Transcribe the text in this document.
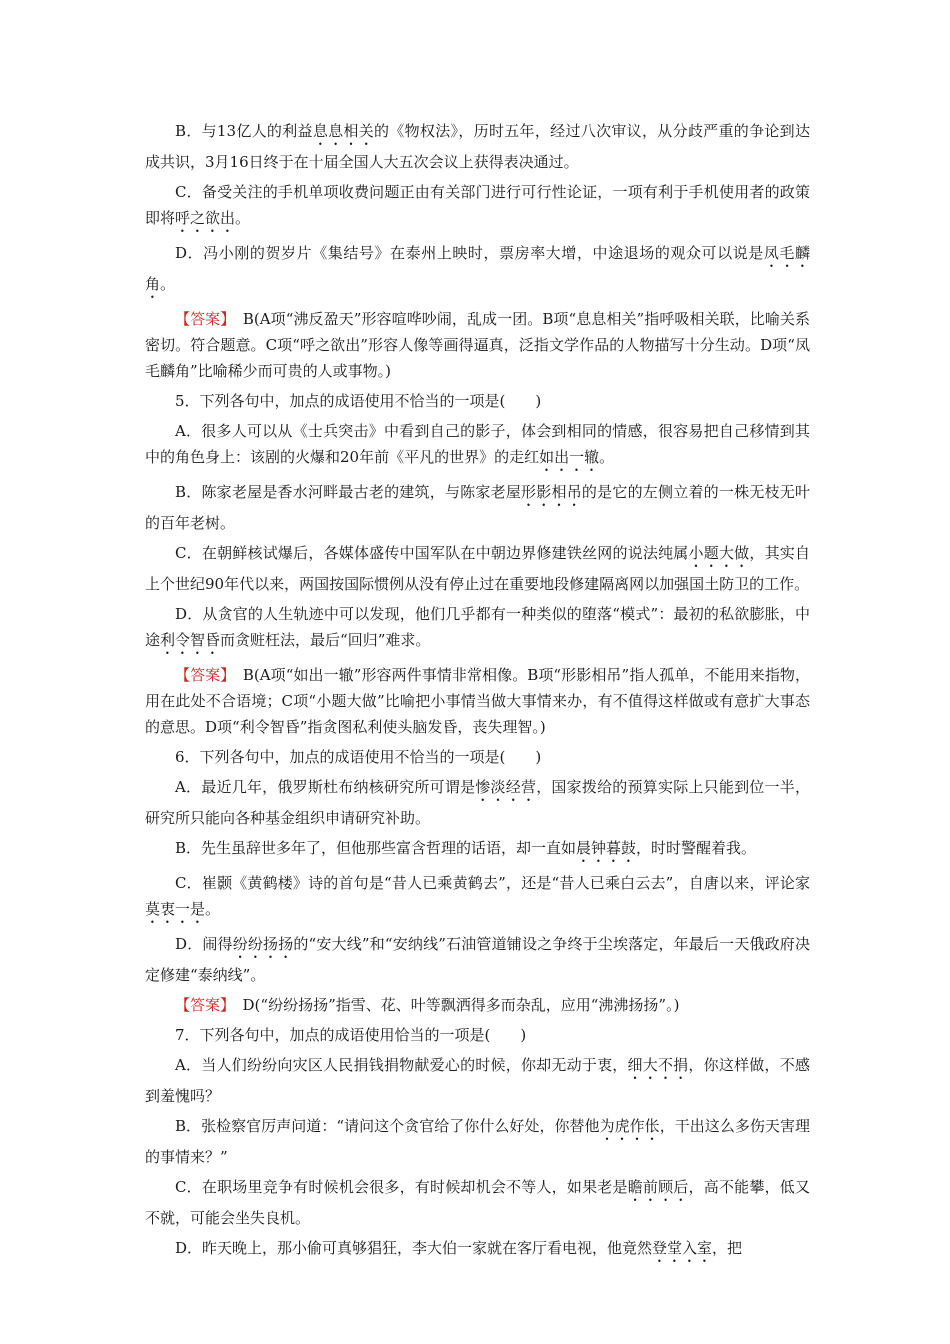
B．与13亿人的利益息息相关的《物权法》，历时五年，经过八次审议，从分歧严重的争论到达成共识，3月16日终于在十届全国人大五次会议上获得表决通过。

C．备受关注的手机单项收费问题正由有关部门进行可行性论证，一项有利于手机使用者的政策即将呼之欲出。

D．冯小刚的贺岁片《集结号》在泰州上映时，票房率大增，中途退场的观众可以说是凤毛麟角。

【答案】　 B(A项“沸反盈天”形容喧哗吵闹，乱成一团。B项“息息相关”指呼吸相关联，比喻关系密切。符合题意。C项“呼之欲出”形容人像等画得逼真，泛指文学作品的人物描写十分生动。D项“凤毛麟角”比喻稀少而可贵的人或事物。)

5．下列各句中，加点的成语使用不恰当的一项是(　　)

A．很多人可以从《士兵突击》中看到自己的影子，体会到相同的情感，很容易把自己移情到其中的角色身上：该剧的火爆和20年前《平凡的世界》的走红如出一辙。

B．陈家老屋是香水河畔最古老的建筑，与陈家老屋形影相吊的是它的左侧立着的一株无枝无叶的百年老树。

C．在朝鲜核试爆后，各媒体盛传中国军队在中朝边界修建铁丝网的说法纯属小题大做，其实自上个世纪90年代以来，两国按国际惯例从没有停止过在重要地段修建隔离网以加强国土防卫的工作。

D．从贪官的人生轨迹中可以发现，他们几乎都有一种类似的堕落“模式”：最初的私欲膨胀，中途利令智昏而贪赃枉法，最后“回归”难求。

【答案】　 B(A项“如出一辙”形容两件事情非常相像。B项“形影相吊”指人孤单，不能用来指物，用在此处不合语境；C项“小题大做”比喻把小事情当做大事情来办，有不值得这样做或有意扩大事态的意思。D项“利令智昏”指贪图私利使头脑发昏，丧失理智。)

6．下列各句中，加点的成语使用不恰当的一项是(　　)

A．最近几年，俄罗斯杜布纳核研究所可谓是惨淡经营，国家拨给的预算实际上只能到位一半，研究所只能向各种基金组织申请研究补助。

B．先生虽辞世多年了，但他那些富含哲理的话语，却一直如晨钟暮鼓，时时警醒着我。

C．崔颢《黄鹤楼》诗的首句是“昔人已乘黄鹤去”，还是“昔人已乘白云去”，自唐以来，评论家莫衷一是。

D．闹得纷纷扬扬的“安大线”和“安纳线”石油管道铺设之争终于尘埃落定，年最后一天俄政府决定修建“泰纳线”。

【答案】　 D(“纷纷扬扬”指雪、花、叶等飘洒得多而杂乱，应用“沸沸扬扬”。)

7．下列各句中，加点的成语使用恰当的一项是(　　)

A．当人们纷纷向灾区人民捐钱捐物献爱心的时候，你却无动于衷，细大不捐，你这样做，不感到羞愧吗？

B．张检察官厉声问道：“请问这个贪官给了你什么好处，你替他为虎作伥，干出这么多伤天害理的事情来？”

C．在职场里竞争有时候机会很多，有时候却机会不等人，如果老是瞻前顾后，高不能攀，低又不就，可能会坐失良机。

D．昨天晚上，那小偷可真够猖狂，李大伯一家就在客厅看电视，他竟然登堂入室，把
